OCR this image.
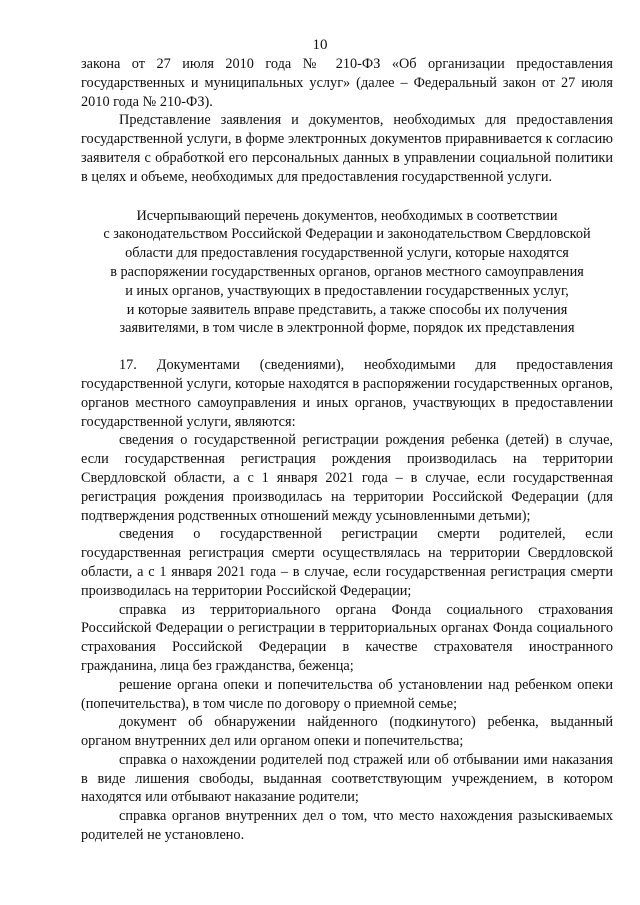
10

закона от 27 июля 2010 года № 210-ФЗ «Об организации предоставления государственных и муниципальных услуг» (далее – Федеральный закон от 27 июля 2010 года № 210-ФЗ).

Представление заявления и документов, необходимых для предоставления государственной услуги, в форме электронных документов приравнивается к согласию заявителя с обработкой его персональных данных в управлении социальной политики в целях и объеме, необходимых для предоставления государственной услуги.

Исчерпывающий перечень документов, необходимых в соответствии
с законодательством Российской Федерации и законодательством Свердловской
области для предоставления государственной услуги, которые находятся
в распоряжении государственных органов, органов местного самоуправления
и иных органов, участвующих в предоставлении государственных услуг,
и которые заявитель вправе представить, а также способы их получения
заявителями, в том числе в электронной форме, порядок их представления

17. Документами (сведениями), необходимыми для предоставления государственной услуги, которые находятся в распоряжении государственных органов, органов местного самоуправления и иных органов, участвующих в предоставлении государственной услуги, являются:

сведения о государственной регистрации рождения ребенка (детей) в случае, если государственная регистрация рождения производилась на территории Свердловской области, а с 1 января 2021 года – в случае, если государственная регистрация рождения производилась на территории Российской Федерации (для подтверждения родственных отношений между усыновленными детьми);

сведения о государственной регистрации смерти родителей, если государственная регистрация смерти осуществлялась на территории Свердловской области, а с 1 января 2021 года – в случае, если государственная регистрация смерти производилась на территории Российской Федерации;

справка из территориального органа Фонда социального страхования Российской Федерации о регистрации в территориальных органах Фонда социального страхования Российской Федерации в качестве страхователя иностранного гражданина, лица без гражданства, беженца;

решение органа опеки и попечительства об установлении над ребенком опеки (попечительства), в том числе по договору о приемной семье;

документ об обнаружении найденного (подкинутого) ребенка, выданный органом внутренних дел или органом опеки и попечительства;

справка о нахождении родителей под стражей или об отбывании ими наказания в виде лишения свободы, выданная соответствующим учреждением, в котором находятся или отбывают наказание родители;

справка органов внутренних дел о том, что место нахождения разыскиваемых родителей не установлено.
